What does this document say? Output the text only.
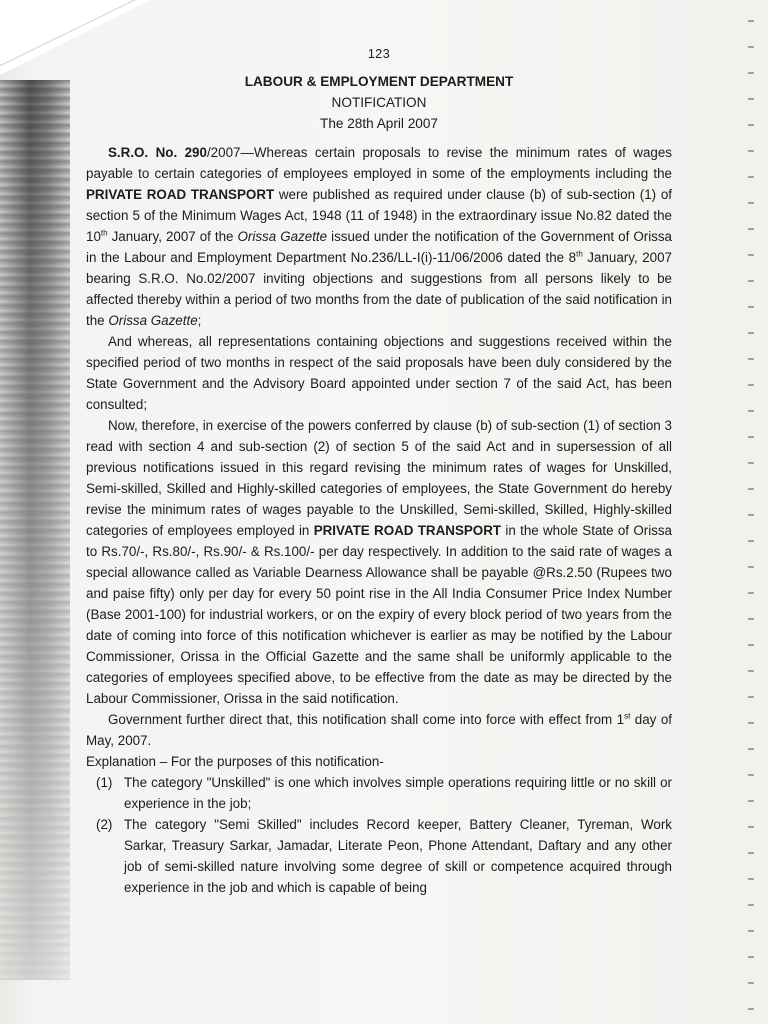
123
LABOUR & EMPLOYMENT DEPARTMENT
NOTIFICATION
The 28th April 2007

S.R.O. No. 290/2007—Whereas certain proposals to revise the minimum rates of wages payable to certain categories of employees employed in some of the employments including the PRIVATE ROAD TRANSPORT were published as required under clause (b) of sub-section (1) of section 5 of the Minimum Wages Act, 1948 (11 of 1948) in the extraordinary issue No.82 dated the 10th January, 2007 of the Orissa Gazette issued under the notification of the Government of Orissa in the Labour and Employment Department No.236/LL-I(i)-11/06/2006 dated the 8th January, 2007 bearing S.R.O. No.02/2007 inviting objections and suggestions from all persons likely to be affected thereby within a period of two months from the date of publication of the said notification in the Orissa Gazette;

And whereas, all representations containing objections and suggestions received within the specified period of two months in respect of the said proposals have been duly considered by the State Government and the Advisory Board appointed under section 7 of the said Act, has been consulted;

Now, therefore, in exercise of the powers conferred by clause (b) of sub-section (1) of section 3 read with section 4 and sub-section (2) of section 5 of the said Act and in supersession of all previous notifications issued in this regard revising the minimum rates of wages for Unskilled, Semi-skilled, Skilled and Highly-skilled categories of employees, the State Government do hereby revise the minimum rates of wages payable to the Unskilled, Semi-skilled, Skilled, Highly-skilled categories of employees employed in PRIVATE ROAD TRANSPORT in the whole State of Orissa to Rs.70/-, Rs.80/-, Rs.90/- & Rs.100/- per day respectively. In addition to the said rate of wages a special allowance called as Variable Dearness Allowance shall be payable @Rs.2.50 (Rupees two and paise fifty) only per day for every 50 point rise in the All India Consumer Price Index Number (Base 2001-100) for industrial workers, or on the expiry of every block period of two years from the date of coming into force of this notification whichever is earlier as may be notified by the Labour Commissioner, Orissa in the Official Gazette and the same shall be uniformly applicable to the categories of employees specified above, to be effective from the date as may be directed by the Labour Commissioner, Orissa in the said notification.

Government further direct that, this notification shall come into force with effect from 1st day of May, 2007.

Explanation – For the purposes of this notification-

(1) The category "Unskilled" is one which involves simple operations requiring little or no skill or experience in the job;
(2) The category "Semi Skilled" includes Record keeper, Battery Cleaner, Tyreman, Work Sarkar, Treasury Sarkar, Jamadar, Literate Peon, Phone Attendant, Daftary and any other job of semi-skilled nature involving some degree of skill or competence acquired through experience in the job and which is capable of being
